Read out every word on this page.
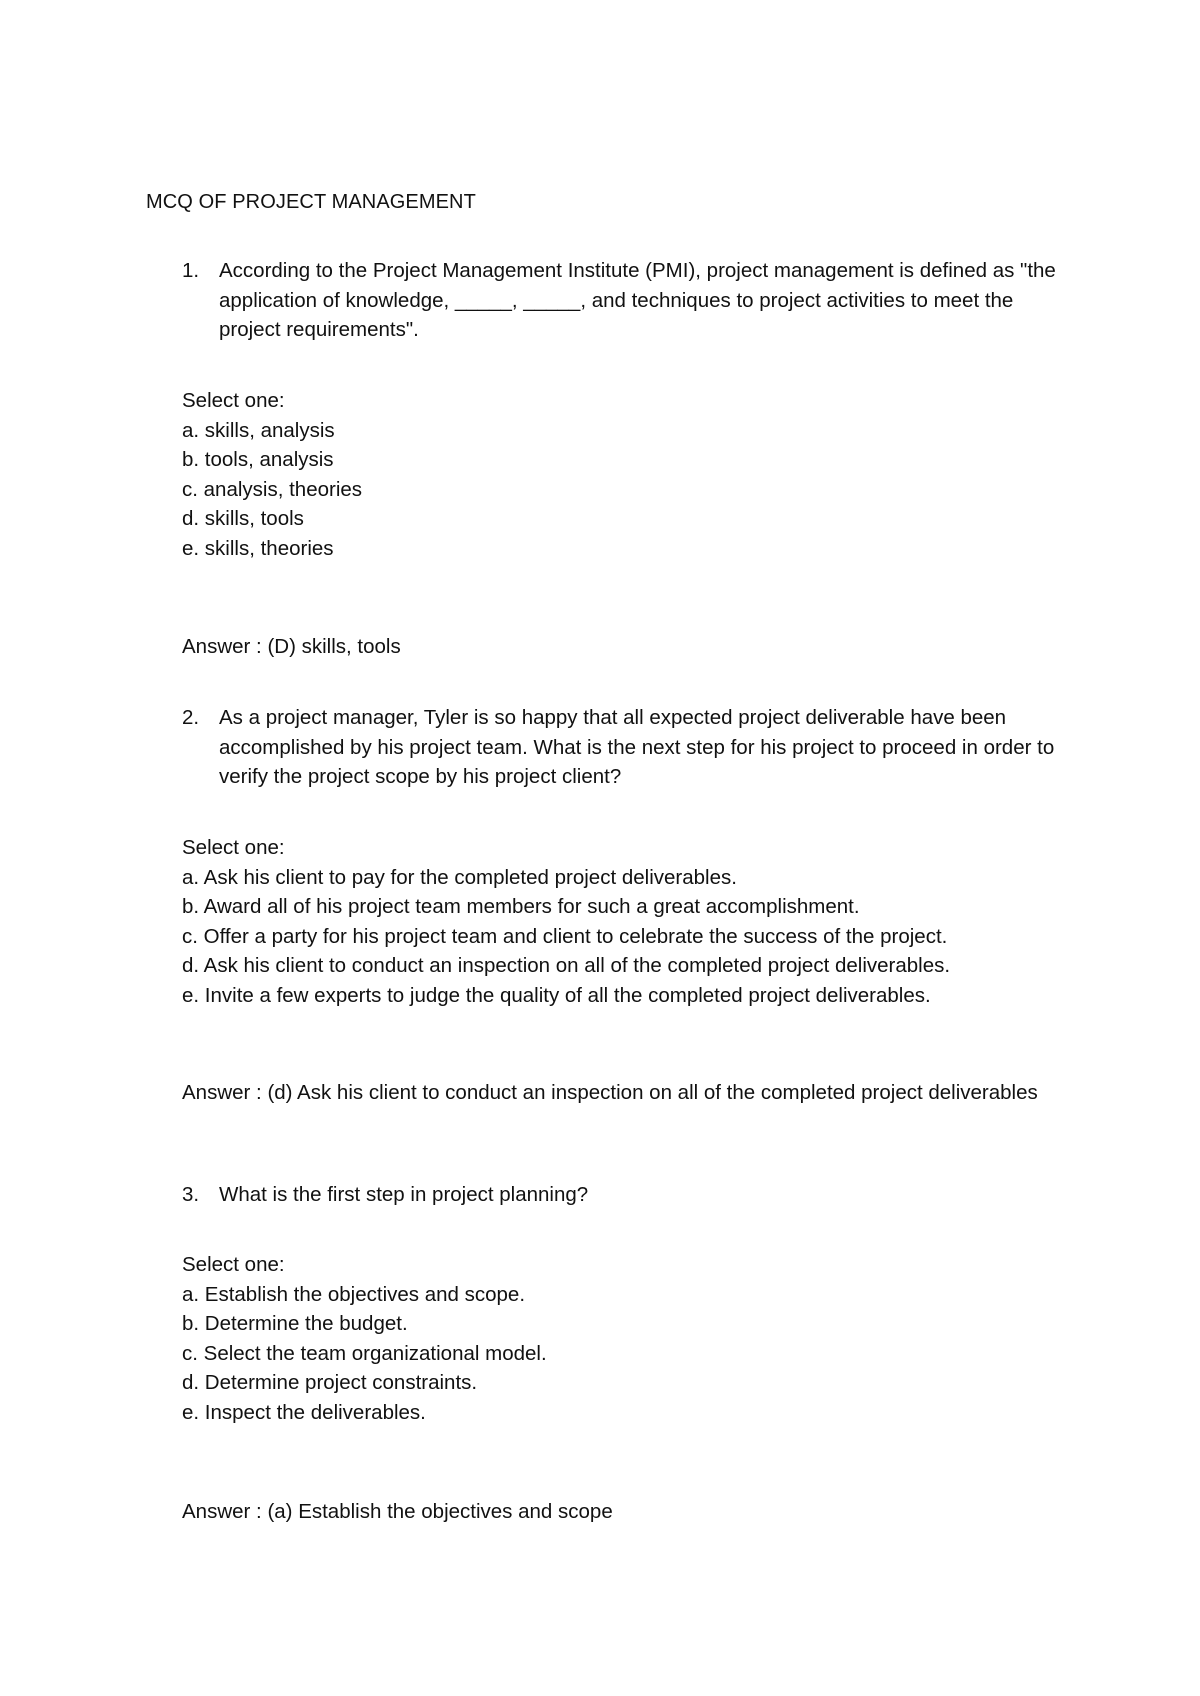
MCQ OF PROJECT MANAGEMENT
1. According to the Project Management Institute (PMI), project management is defined as "the application of knowledge, _____, _____, and techniques to project activities to meet the project requirements".
Select one:
a. skills, analysis
b. tools, analysis
c. analysis, theories
d. skills, tools
e. skills, theories
Answer : (D) skills, tools
2. As a project manager, Tyler is so happy that all expected project deliverable have been accomplished by his project team. What is the next step for his project to proceed in order to verify the project scope by his project client?
Select one:
a. Ask his client to pay for the completed project deliverables.
b. Award all of his project team members for such a great accomplishment.
c. Offer a party for his project team and client to celebrate the success of the project.
d. Ask his client to conduct an inspection on all of the completed project deliverables.
e. Invite a few experts to judge the quality of all the completed project deliverables.
Answer : (d) Ask his client to conduct an inspection on all of the completed project deliverables
3. What is the first step in project planning?
Select one:
a. Establish the objectives and scope.
b. Determine the budget.
c. Select the team organizational model.
d. Determine project constraints.
e. Inspect the deliverables.
Answer : (a) Establish the objectives and scope
